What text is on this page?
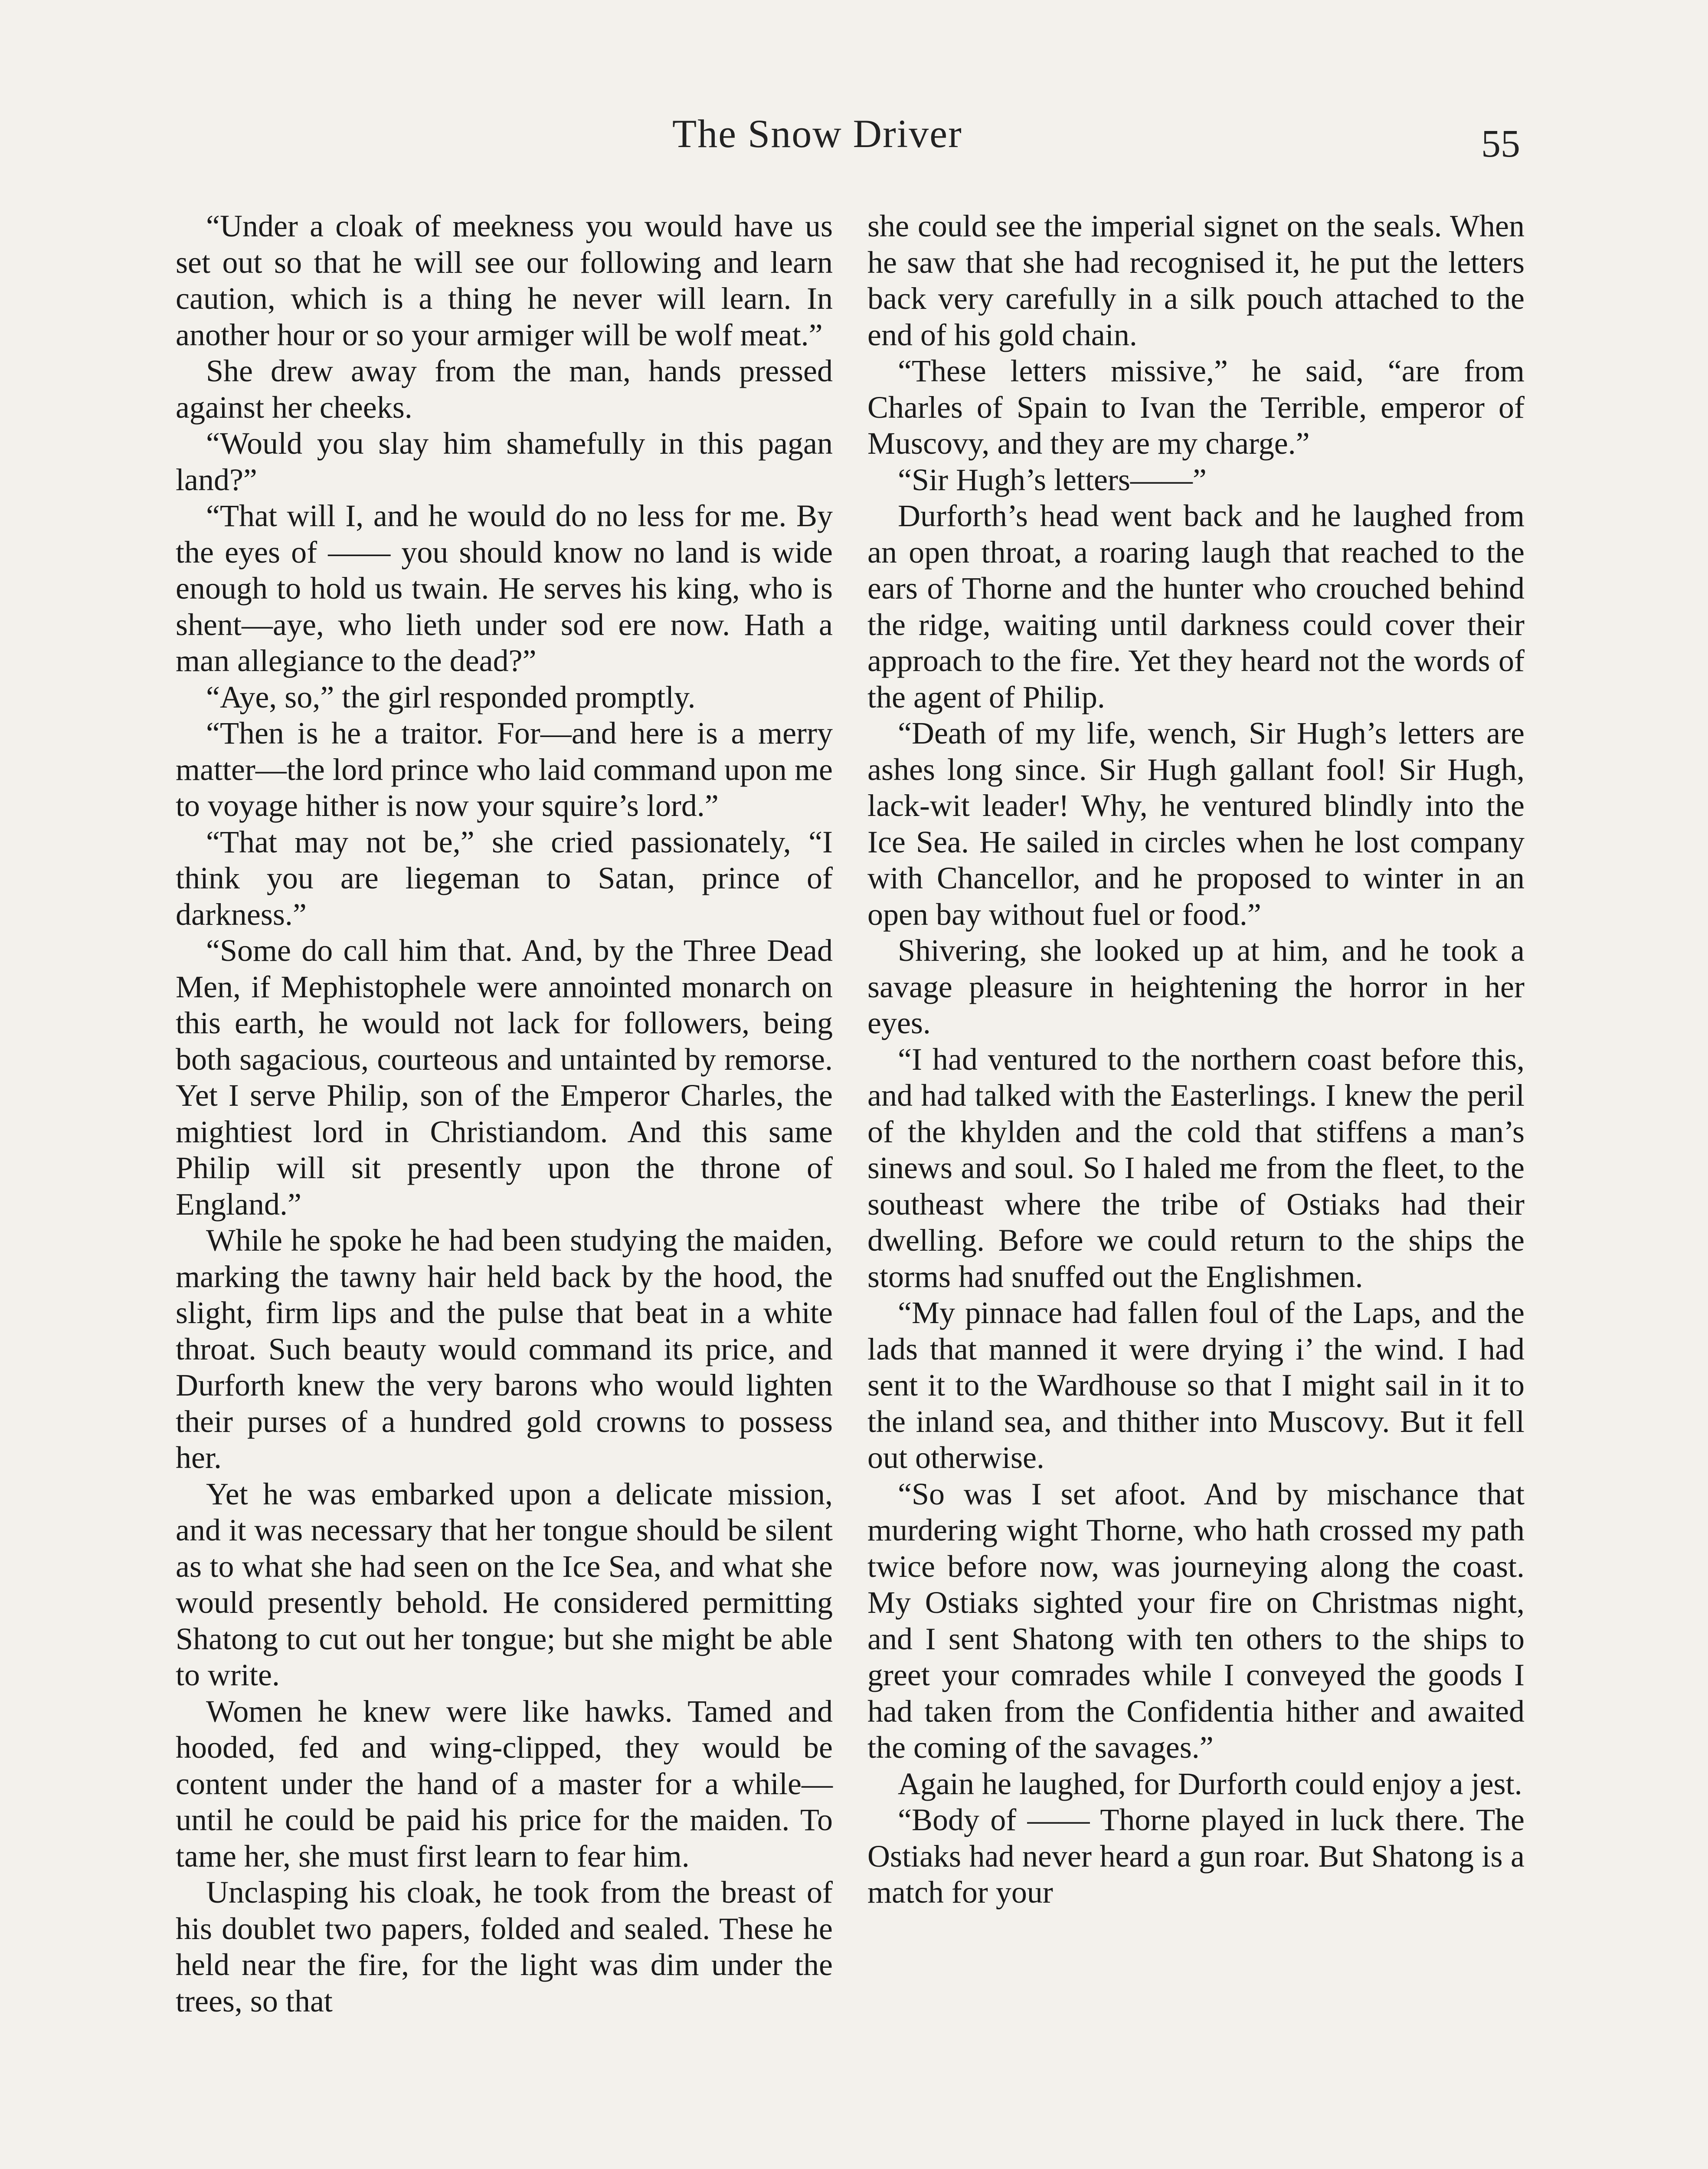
The Snow Driver	55

“Under a cloak of meekness you would have us set out so that he will see our following and learn caution, which is a thing he never will learn. In another hour or so your armiger will be wolf meat.”

She drew away from the man, hands pressed against her cheeks.

“Would you slay him shamefully in this pagan land?”

“That will I, and he would do no less for me. By the eyes of —— you should know no land is wide enough to hold us twain. He serves his king, who is shent—aye, who lieth under sod ere now. Hath a man allegiance to the dead?”

“Aye, so,” the girl responded promptly.

“Then is he a traitor. For—and here is a merry matter—the lord prince who laid command upon me to voyage hither is now your squire’s lord.”

“That may not be,” she cried passionately, “I think you are liegeman to Satan, prince of darkness.”

“Some do call him that. And, by the Three Dead Men, if Mephistophele were annointed monarch on this earth, he would not lack for followers, being both sagacious, courteous and untainted by remorse. Yet I serve Philip, son of the Emperor Charles, the mightiest lord in Christiandom. And this same Philip will sit presently upon the throne of England.”

While he spoke he had been studying the maiden, marking the tawny hair held back by the hood, the slight, firm lips and the pulse that beat in a white throat. Such beauty would command its price, and Durforth knew the very barons who would lighten their purses of a hundred gold crowns to possess her.

Yet he was embarked upon a delicate mission, and it was necessary that her tongue should be silent as to what she had seen on the Ice Sea, and what she would presently behold. He considered permitting Shatong to cut out her tongue; but she might be able to write.

Women he knew were like hawks. Tamed and hooded, fed and wing-clipped, they would be content under the hand of a master for a while—until he could be paid his price for the maiden. To tame her, she must first learn to fear him.

Unclasping his cloak, he took from the breast of his doublet two papers, folded and sealed. These he held near the fire, for the light was dim under the trees, so that

she could see the imperial signet on the seals. When he saw that she had recognised it, he put the letters back very carefully in a silk pouch attached to the end of his gold chain.

“These letters missive,” he said, “are from Charles of Spain to Ivan the Terrible, emperor of Muscovy, and they are my charge.”

“Sir Hugh’s letters——”

Durforth’s head went back and he laughed from an open throat, a roaring laugh that reached to the ears of Thorne and the hunter who crouched behind the ridge, waiting until darkness could cover their approach to the fire. Yet they heard not the words of the agent of Philip.

“Death of my life, wench, Sir Hugh’s letters are ashes long since. Sir Hugh gallant fool! Sir Hugh, lack-wit leader! Why, he ventured blindly into the Ice Sea. He sailed in circles when he lost company with Chancellor, and he proposed to winter in an open bay without fuel or food.”

Shivering, she looked up at him, and he took a savage pleasure in heightening the horror in her eyes.

“I had ventured to the northern coast before this, and had talked with the Easterlings. I knew the peril of the khylden and the cold that stiffens a man’s sinews and soul. So I haled me from the fleet, to the southeast where the tribe of Ostiaks had their dwelling. Before we could return to the ships the storms had snuffed out the Englishmen.

“My pinnace had fallen foul of the Laps, and the lads that manned it were drying i’ the wind. I had sent it to the Wardhouse so that I might sail in it to the inland sea, and thither into Muscovy. But it fell out otherwise.

“So was I set afoot. And by mischance that murdering wight Thorne, who hath crossed my path twice before now, was journeying along the coast. My Ostiaks sighted your fire on Christmas night, and I sent Shatong with ten others to the ships to greet your comrades while I conveyed the goods I had taken from the Confidentia hither and awaited the coming of the savages.”

Again he laughed, for Durforth could enjoy a jest.

“Body of —— Thorne played in luck there. The Ostiaks had never heard a gun roar. But Shatong is a match for your
